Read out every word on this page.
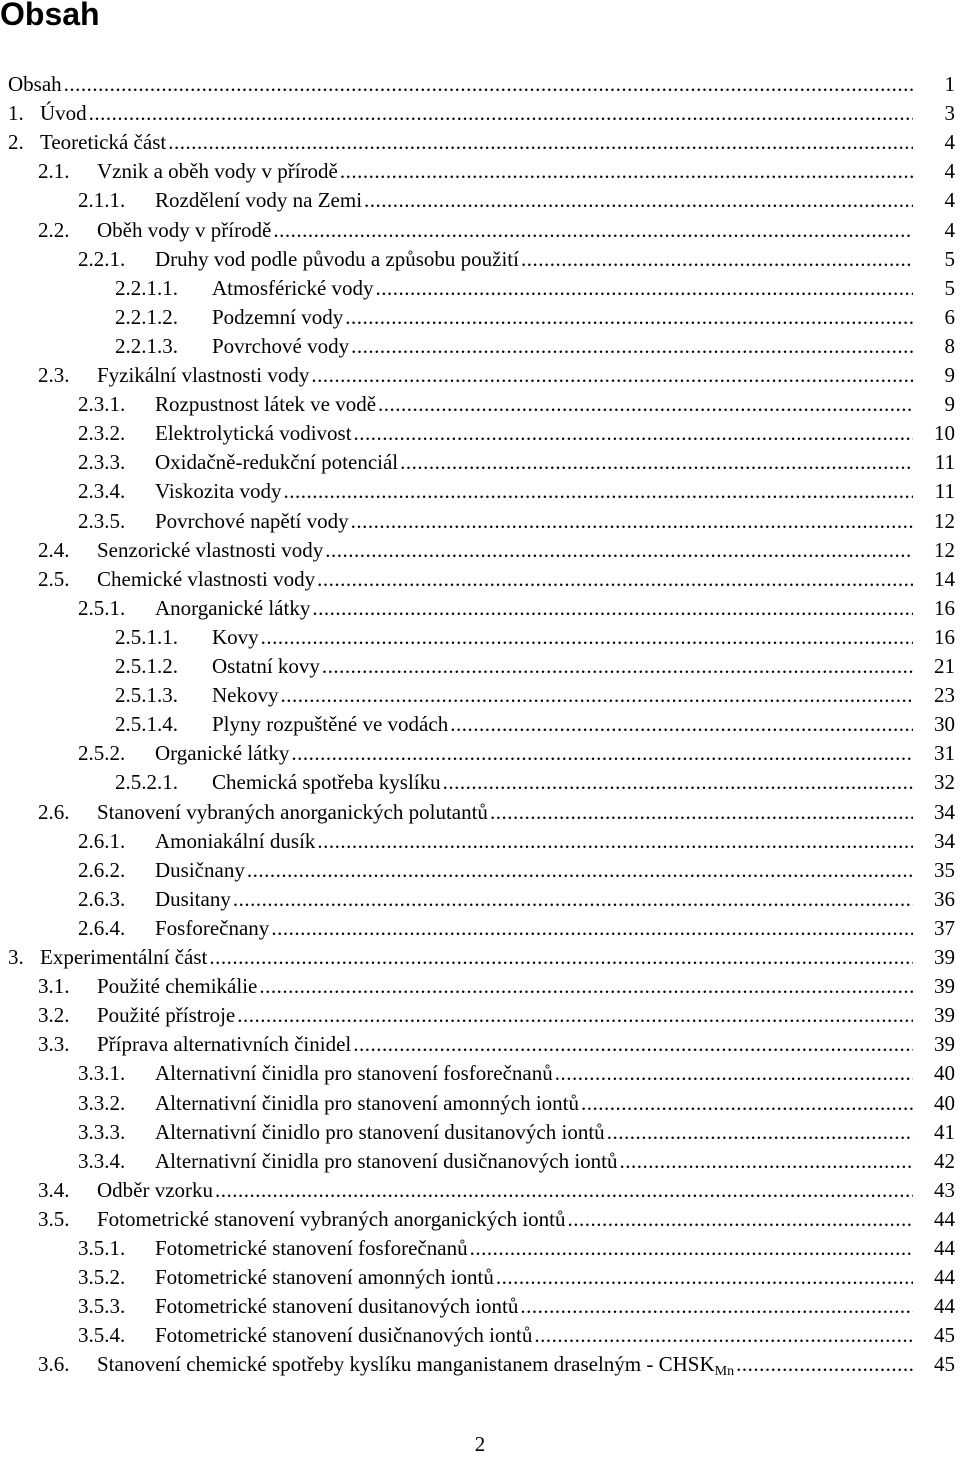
Obsah
Obsah .....	1
1. Úvod .....	3
2. Teoretická část .....	4
2.1.	Vznik a oběh vody v přírodě .....	4
2.1.1.	Rozdělení vody na Zemi .....	4
2.2.	Oběh vody v přírodě .....	4
2.2.1.	Druhy vod podle původu a způsobu použití .....	5
2.2.1.1.	Atmosférické vody .....	5
2.2.1.2.	Podzemní vody .....	6
2.2.1.3.	Povrchové vody .....	8
2.3.	Fyzikální vlastnosti vody .....	9
2.3.1.	Rozpustnost látek ve vodě .....	9
2.3.2.	Elektrolytická vodivost .....	10
2.3.3.	Oxidačně-redukční potenciál .....	11
2.3.4.	Viskozita vody .....	11
2.3.5.	Povrchové napětí vody .....	12
2.4.	Senzorické vlastnosti vody .....	12
2.5.	Chemické vlastnosti vody .....	14
2.5.1.	Anorganické látky .....	16
2.5.1.1.	Kovy .....	16
2.5.1.2.	Ostatní kovy .....	21
2.5.1.3.	Nekovy .....	23
2.5.1.4.	Plyny rozpuštěné ve vodách .....	30
2.5.2.	Organické látky .....	31
2.5.2.1.	Chemická spotřeba kyslíku .....	32
2.6.	Stanovení vybraných anorganických polutantů .....	34
2.6.1.	Amoniakální dusík .....	34
2.6.2.	Dusičnany .....	35
2.6.3.	Dusitany .....	36
2.6.4.	Fosforečnany .....	37
3. Experimentální část .....	39
3.1.	Použité chemikálie .....	39
3.2.	Použité přístroje .....	39
3.3.	Příprava alternativních činidel .....	39
3.3.1.	Alternativní činidla pro stanovení fosforečnanů .....	40
3.3.2.	Alternativní činidla pro stanovení amonných iontů .....	40
3.3.3.	Alternativní činidlo pro stanovení dusitanových iontů .....	41
3.3.4.	Alternativní činidla pro stanovení dusičnanových iontů .....	42
3.4.	Odběr vzorku .....	43
3.5.	Fotometrické stanovení vybraných anorganických iontů .....	44
3.5.1.	Fotometrické stanovení fosforečnanů .....	44
3.5.2.	Fotometrické stanovení amonných iontů .....	44
3.5.3.	Fotometrické stanovení dusitanových iontů .....	44
3.5.4.	Fotometrické stanovení dusičnanových iontů .....	45
3.6.	Stanovení chemické spotřeby kyslíku manganistanem draselným - $CHSK_{Mn}$ .....	45
2
